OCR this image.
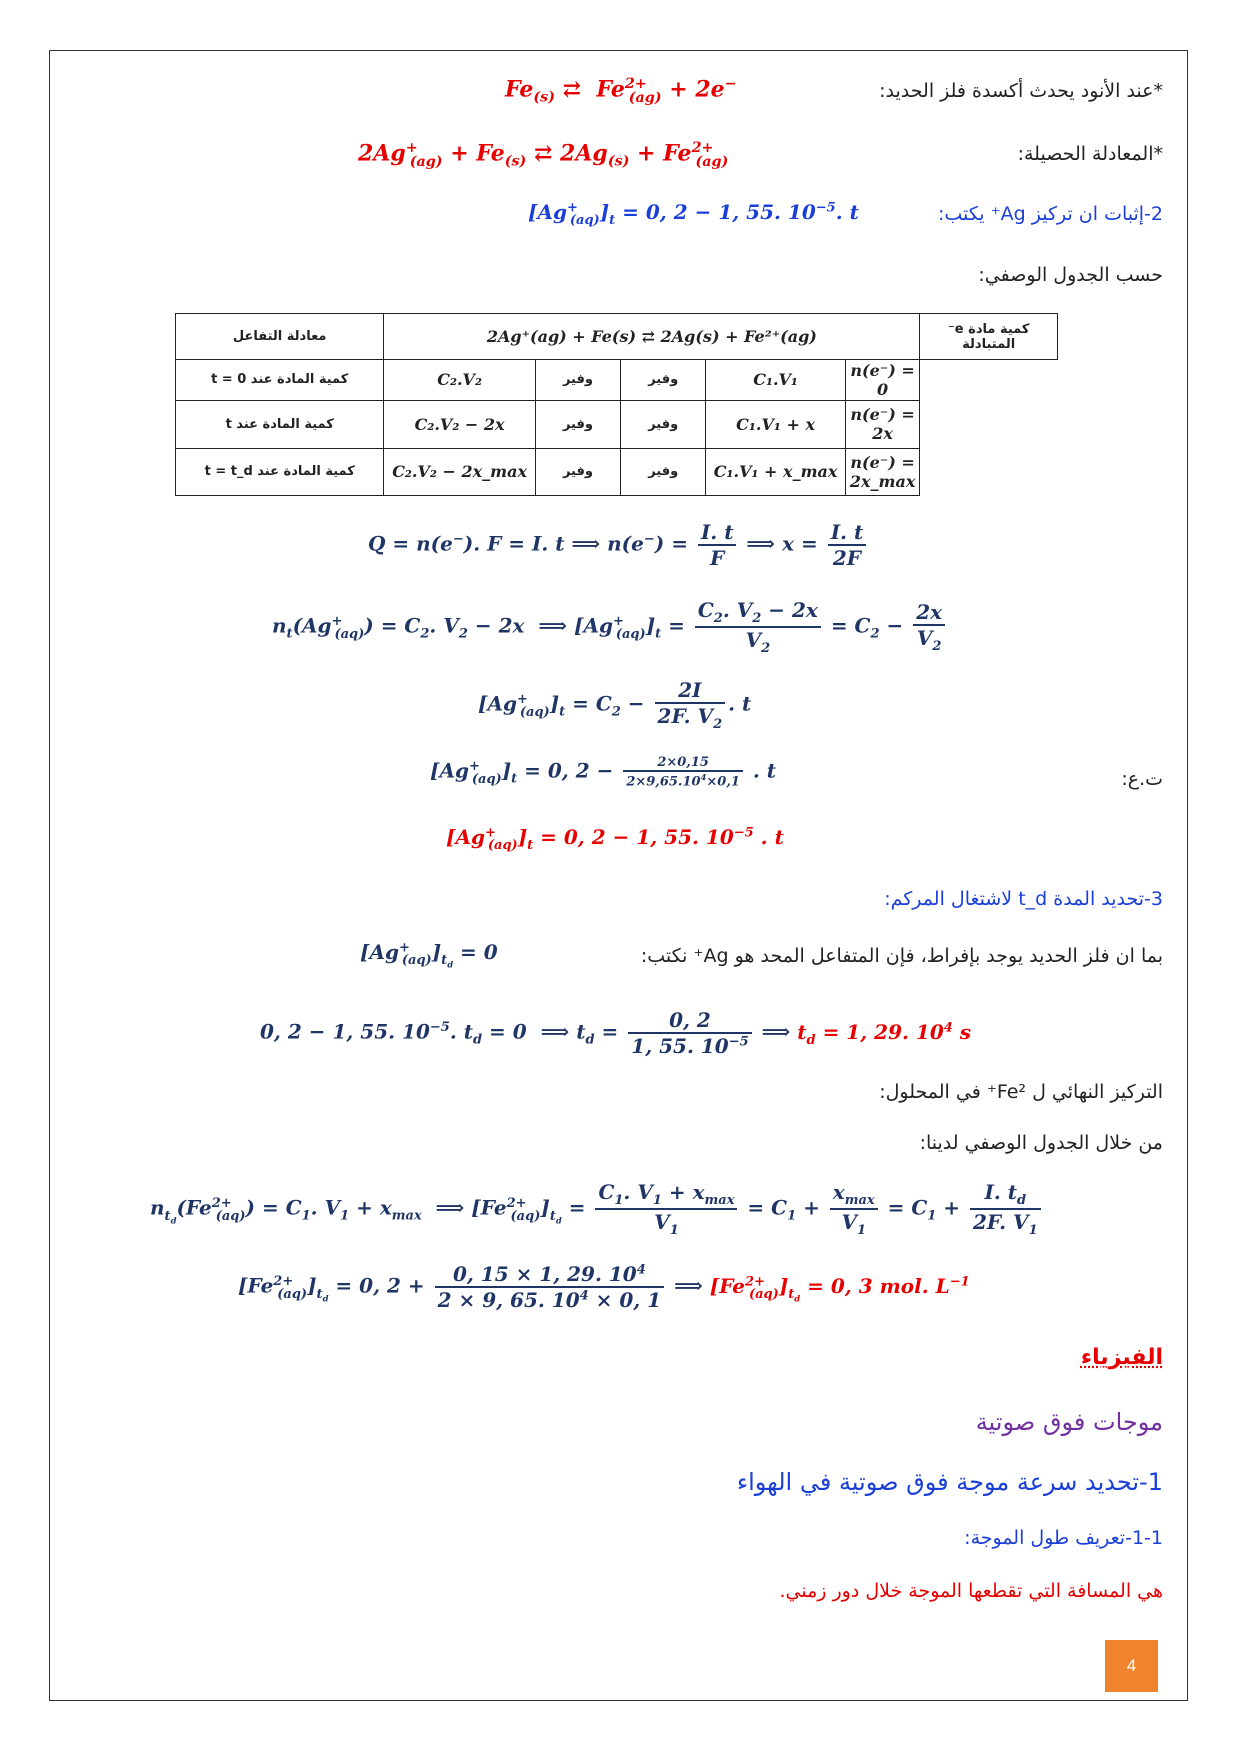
*عند الأنود يحدث أكسدة فلز الحديد:
$Fe_{(s)}$ ⇄  $Fe^{2+}_{(ag)} + 2e^-$
*المعادلة الحصيلة:
$2Ag^+_{(ag)} + Fe_{(s)}$ ⇄ $2Ag_{(s)} + Fe^{2+}_{(ag)}$
2-إثبات ان تركيز Ag⁺ يكتب:
$[Ag^+_{(aq)}]_t = 0$, 2 − 1, 55. $10^{-5}$. t
حسب الجدول الوصفي:
معادلة التفاعل	2Ag⁺(ag) + Fe(s) ⇄ 2Ag(s) + Fe²⁺(ag)					كمية مادة e⁻ المتبادلة
كمية المادة عند t = 0	C₂.V₂	وفير	وفير	C₁.V₁	n(e⁻) = 0
كمية المادة عند t	C₂.V₂ − 2x	وفير	وفير	C₁.V₁ + x	n(e⁻) = 2x
كمية المادة عند t = t_d	C₂.V₂ − 2x_max	وفير	وفير	C₁.V₁ + x_max	n(e⁻) = 2x_max
Q = n(e−). F = I. t ⟹ $n(e^-) = \frac{I. t}{F}$ ⟹ $x = \frac{I. t}{2F}$
$n_t(Ag^+_{(aq)}) = C_2$. $V_2 - 2x$  ⟹ $[Ag^+_{(aq)}]_t = \frac{C_2. V_2 - 2x}{V_2} = C_2 - \frac{2x}{V_2}$
$[Ag^+_{(aq)}]_t = C_2 - \frac{2I}{2F. V_2}$ . t
ت.ع:
$[Ag^+_{(aq)}]_t = 0$, $2 - \frac{2\times 0,15}{2\times 9,65.10^4\times 0,1}$ . t
$[Ag^+_{(aq)}]_t = 0$, 2 − 1, 55. $10^{-5}$ . t
3-تحديد المدة t_d لاشتغال المركم:
بما ان فلز الحديد يوجد بإفراط، فإن المتفاعل المحد هو Ag⁺ نكتب:
$[Ag^+_{(aq)}]_{t_d} = 0$
0, 2 − 1, 55. $10^{-5}$. $t_d = 0$  ⟹ $t_d = \frac{0, 2}{1, 55. 10^{-5}}$ ⟹ $t_d = 1$, 29. $10^4$ s
التركيز النهائي ل Fe²⁺ في المحلول:
من خلال الجدول الوصفي لدينا:
$n_{t_d}(Fe^{2+}_{(aq)}) = C_1$. $V_1 + x_{max}$  ⟹ $[Fe^{2+}_{(aq)}]_{t_d}$ =
$C_1$. $V_1 + x_{max}$
$V_1$
= $C_1$ +
$x_{max}$
$V_1$
= $C_1 + \frac{I. t_d}{2F. V_1}$
$[Fe^{2+}_{(aq)}]_{t_d} = 0$, $2 + \frac{0, 15 \times 1, 29. 10^4}{2 \times 9, 65. 10^4 \times 0, 1}$ ⟹ $[Fe^{2+}_{(aq)}]_{t_d} = 0$, 3 mol. $L^{-1}$
الفيزياء
موجات فوق صوتية
1-تحديد سرعة موجة فوق صوتية في الهواء
1-1-تعريف طول الموجة:
هي المسافة التي تقطعها الموجة خلال دور زمني.
4
